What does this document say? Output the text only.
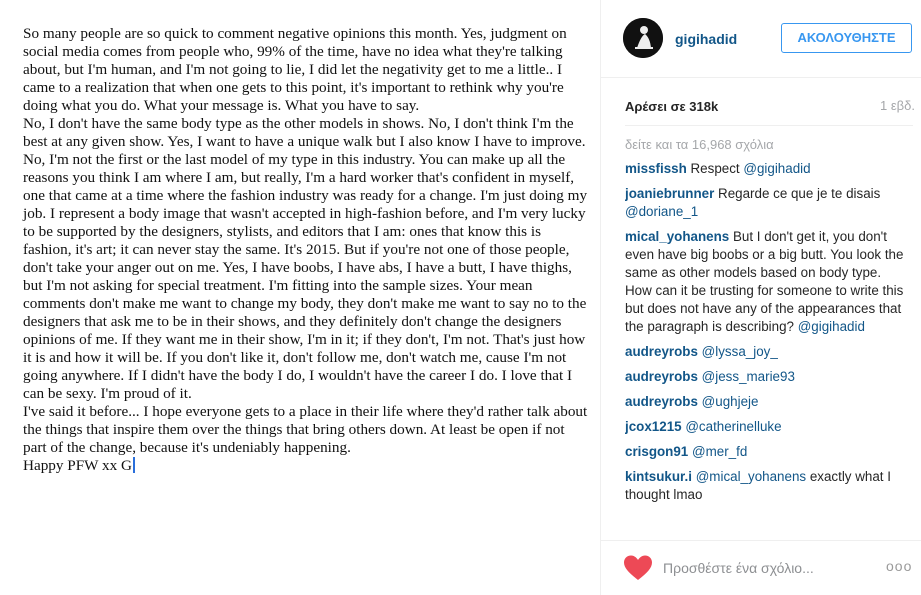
So many people are so quick to comment negative opinions this month. Yes, judgment on social media comes from people who, 99% of the time, have no idea what they're talking about, but I'm human, and I'm not going to lie, I did let the negativity get to me a little.. I came to a realization that when one gets to this point, it's important to rethink why you're doing what you do. What your message is. What you have to say.

No, I don't have the same body type as the other models in shows. No, I don't think I'm the best at any given show. Yes, I want to have a unique walk but I also know I have to improve. No, I'm not the first or the last model of my type in this industry. You can make up all the reasons you think I am where I am, but really, I'm a hard worker that's confident in myself, one that came at a time where the fashion industry was ready for a change. I'm just doing my job. I represent a body image that wasn't accepted in high-fashion before, and I'm very lucky to be supported by the designers, stylists, and editors that I am: ones that know this is fashion, it's art; it can never stay the same. It's 2015. But if you're not one of those people, don't take your anger out on me. Yes, I have boobs, I have abs, I have a butt, I have thighs, but I'm not asking for special treatment. I'm fitting into the sample sizes. Your mean comments don't make me want to change my body, they don't make me want to say no to the designers that ask me to be in their shows, and they definitely don't change the designers opinions of me. If they want me in their show, I'm in it; if they don't, I'm not. That's just how it is and how it will be. If you don't like it, don't follow me, don't watch me, cause I'm not going anywhere. If I didn't have the body I do, I wouldn't have the career I do. I love that I can be sexy. I'm proud of it.

I've said it before... I hope everyone gets to a place in their life where they'd rather talk about the things that inspire them over the things that bring others down. At least be open if not part of the change, because it's undeniably happening.

Happy PFW xx G

gigihadid	ΑΚΟΛΟΥΘΗΣΤΕ
Αρέσει σε 318k	1 εβδ.
δείτε και τα 16,968 σχόλια
missfissh Respect @gigihadid
joaniebrunner Regarde ce que je te disais @doriane_1
mical_yohanens But I don't get it, you don't even have big boobs or a big butt. You look the same as other models based on body type. How can it be trusting for someone to write this but does not have any of the appearances that the paragraph is describing? @gigihadid
audreyrobs @lyssa_joy_
audreyrobs @jess_marie93
audreyrobs @ughjeje
jcox1215 @catherinelluke
crisgon91 @mer_fd
kintsukur.i @mical_yohanens exactly what I thought lmao
Προσθέστε ένα σχόλιο...
ooo
